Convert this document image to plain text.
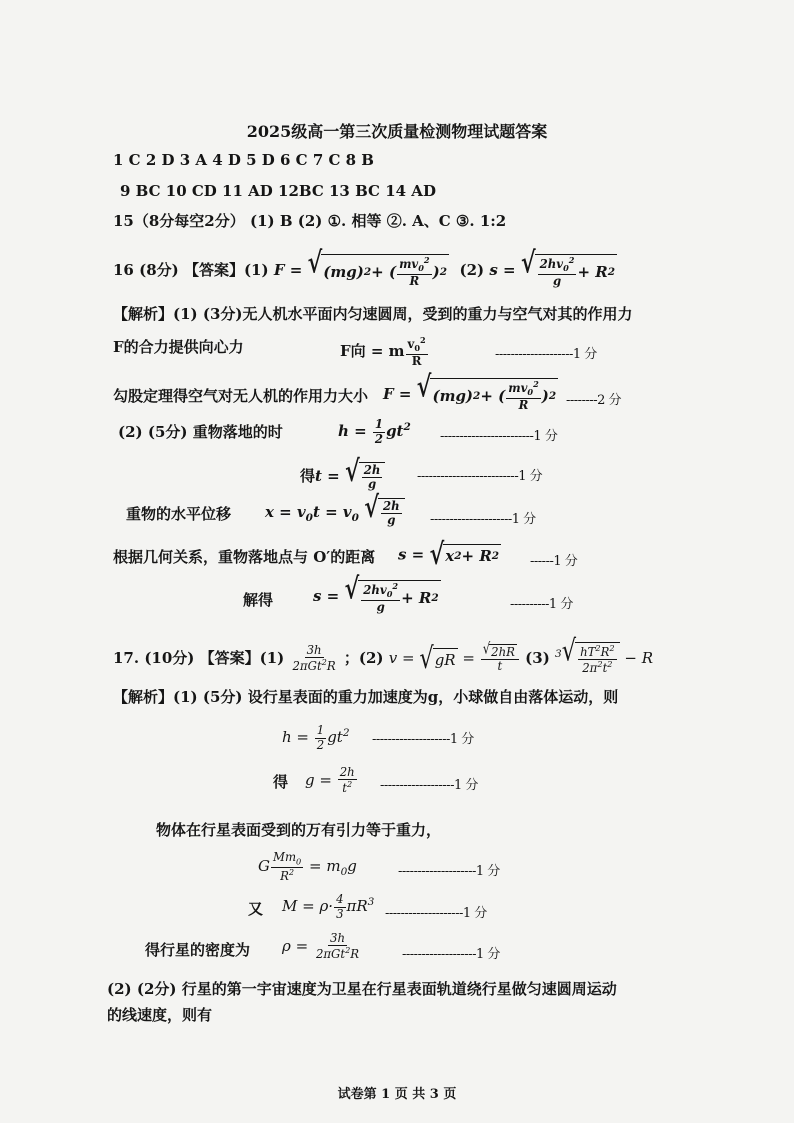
2025级高一第三次质量检测物理试题答案
1 C 2 D 3 A 4 D 5 D 6 C 7 C 8 B
9 BC 10 CD 11 AD 12BC 13 BC 14 AD
15（8分每空2分） (1) B (2) ①. 相等 ②. A、C ③. 1:2
16 (8分) 【答案】(1) F = √ (mg) 2 + ( $\frac{mv_0^2}{R}$ ) 2 (2) s = √ $\frac{2hv_0^2}{g} + R$ 2
【解析】(1) (3分)无人机水平面内匀速圆周，受到的重力与空气对其的作用力
F的合力提供向心力	F向 = m $\frac{v_0^2}{R}$	--------------------1 分
勾股定理得空气对无人机的作用力大小 F = √ (mg) 2 + ( $\frac{mv_0^2}{R}$ ) 2 --------2 分
(2) (5分) 重物落地的时	$h = \frac{1}{2} gt^2$
------------------------1 分
得t = √ $\frac{2h}{g}$	--------------------------1 分
重物的水平位移 $x = v_0t = v_0$ √ $\frac{2h}{g} ---------------------1$ 分
根据几何关系，重物落地点与 O′的距离 s = √ x 2 + R 2 ------1 分
解得	s = √ $\frac{2hv_0^2}{g} + R$ 2	----------1 分
17. (10分) 【答案】$(1) \frac{3h}{2\pi Gt^2R}$ ；(2) v = √ gR = $\frac{√ 2hR}{t} (3)$ $^3$ √ $\frac{hT^2R^2}{2\pi^2t^2} - R$
【解析】(1) (5分) 设行星表面的重力加速度为g，小球做自由落体运动，则
$h = \frac{1}{2} gt^2$ --------------------1 分
得 $g = \frac{2h}{t^2} -------------------1$ 分
物体在行星表面受到的万有引力等于重力，
G $\frac{Mm_0}{R^2} = m_0g$	--------------------1 分
又 $M = \rho\cdot \frac{4}{3} \pi R^3$
--------------------1 分
得行星的密度为 $\rho = \frac{3h}{2\pi Gt^2R}$	-------------------1 分
(2) (2分) 行星的第一宇宙速度为卫星在行星表面轨道绕行星做匀速圆周运动
的线速度，则有
试卷第 1 页 共 3 页
